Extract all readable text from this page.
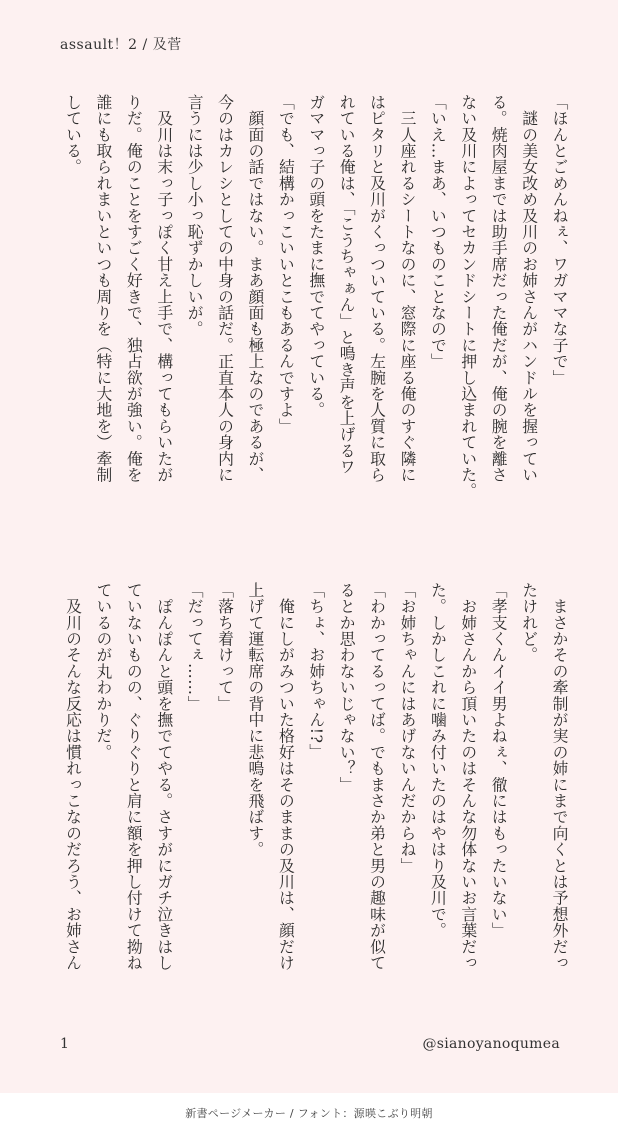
assault！2 / 及菅

「ほんとごめんねぇ、ワガママな子で」

　謎の美女改め及川のお姉さんがハンドルを握ってい

る。焼肉屋までは助手席だった俺だが、俺の腕を離さ

ない及川によってセカンドシートに押し込まれていた。

「いえ…まあ、いつものことなので」

　三人座れるシートなのに、窓際に座る俺のすぐ隣に

はピタリと及川がくっついている。左腕を人質に取ら

れている俺は、「こうちゃぁん」と鳴き声を上げるワ

ガママっ子の頭をたまに撫でてやっている。

「でも、結構かっこいいとこもあるんですよ」

　顔面の話ではない。まあ顔面も極上なのであるが、

今のはカレシとしての中身の話だ。正直本人の身内に

言うには少し小っ恥ずかしいが。

　及川は末っ子っぽく甘え上手で、構ってもらいたが

りだ。俺のことをすごく好きで、独占欲が強い。俺を

誰にも取られまいといつも周りを（特に大地を）牽制

している。

　まさかその牽制が実の姉にまで向くとは予想外だっ

たけれど。

「孝支くんイイ男よねぇ、徹にはもったいない」

　お姉さんから頂いたのはそんな勿体ないお言葉だっ

た。しかしこれに噛み付いたのはやはり及川で。

「お姉ちゃんにはあげないんだからね」

「わかってるってば。でもまさか弟と男の趣味が似て

るとか思わないじゃない？」

「ちょ、お姉ちゃん!?」

　俺にしがみついた格好はそのままの及川は、顔だけ

上げて運転席の背中に悲鳴を飛ばす。

「落ち着けって」

「だってぇ……」

　ぽんぽんと頭を撫でてやる。さすがにガチ泣きはし

ていないものの、ぐりぐりと肩に額を押し付けて拗ね

ているのが丸わかりだ。

　及川のそんな反応は慣れっこなのだろう、お姉さん

1	@sianoyanoqumea
新書ページメーカー / フォント：源暎こぶり明朝
